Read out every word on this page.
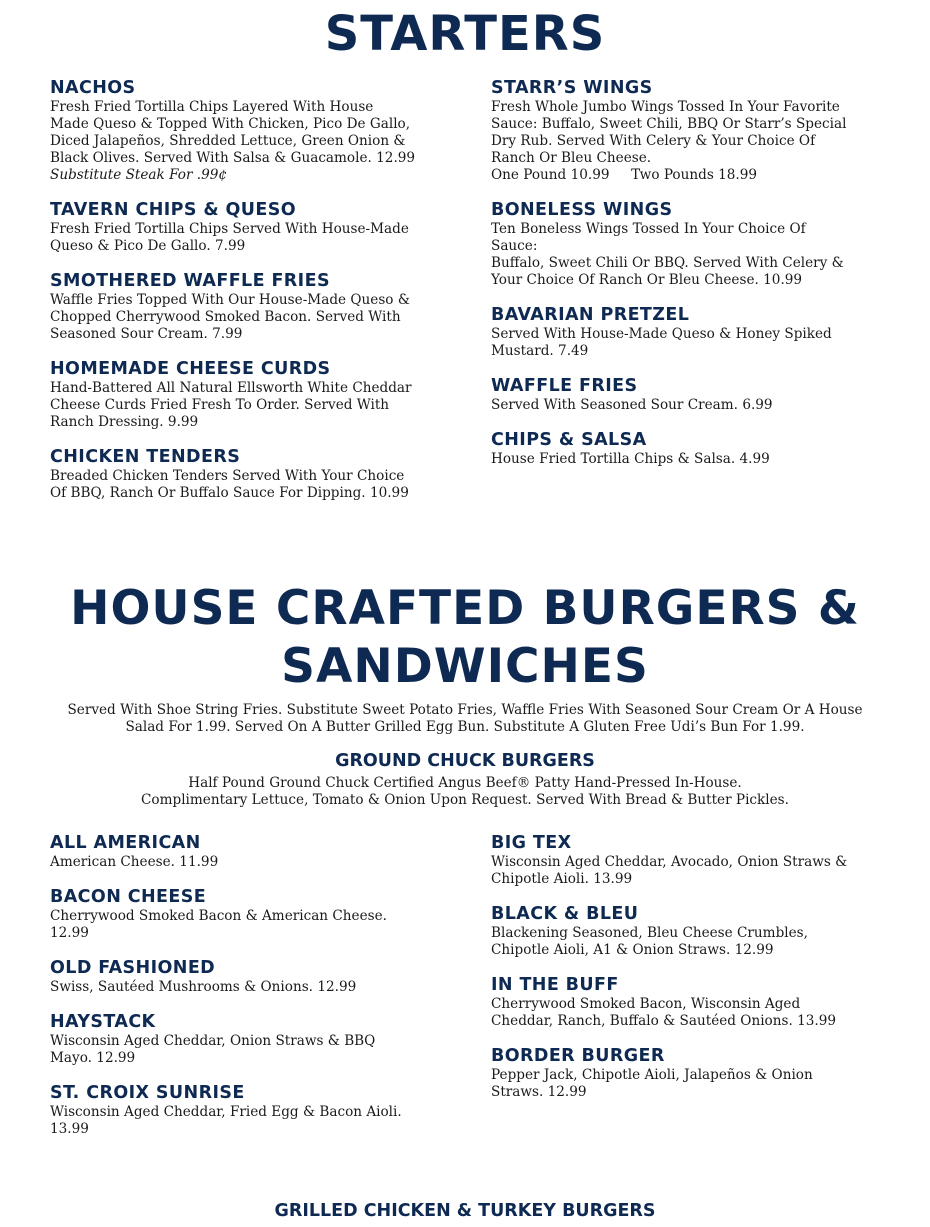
STARTERS
NACHOS

Fresh Fried Tortilla Chips Layered With House
Made Queso & Topped With Chicken, Pico De Gallo,
Diced Jalapeños, Shredded Lettuce, Green Onion &
Black Olives. Served With Salsa & Guacamole. 12.99
Substitute Steak For .99¢

TAVERN CHIPS & QUESO

Fresh Fried Tortilla Chips Served With House-Made
Queso & Pico De Gallo. 7.99

SMOTHERED WAFFLE FRIES

Waffle Fries Topped With Our House-Made Queso &
Chopped Cherrywood Smoked Bacon. Served With
Seasoned Sour Cream. 7.99

HOMEMADE CHEESE CURDS

Hand-Battered All Natural Ellsworth White Cheddar
Cheese Curds Fried Fresh To Order. Served With
Ranch Dressing. 9.99

CHICKEN TENDERS

Breaded Chicken Tenders Served With Your Choice
Of BBQ, Ranch Or Buffalo Sauce For Dipping. 10.99

STARR’S WINGS

Fresh Whole Jumbo Wings Tossed In Your Favorite
Sauce: Buffalo, Sweet Chili, BBQ Or Starr’s Special
Dry Rub. Served With Celery & Your Choice Of
Ranch Or Bleu Cheese.
One Pound 10.99     Two Pounds 18.99

BONELESS WINGS

Ten Boneless Wings Tossed In Your Choice Of
Sauce:
Buffalo, Sweet Chili Or BBQ. Served With Celery &
Your Choice Of Ranch Or Bleu Cheese. 10.99

BAVARIAN PRETZEL

Served With House-Made Queso & Honey Spiked
Mustard. 7.49

WAFFLE FRIES

Served With Seasoned Sour Cream. 6.99

CHIPS & SALSA

House Fried Tortilla Chips & Salsa. 4.99

HOUSE CRAFTED BURGERS &
SANDWICHES
Served With Shoe String Fries. Substitute Sweet Potato Fries, Waffle Fries With Seasoned Sour Cream Or A House
Salad For 1.99. Served On A Butter Grilled Egg Bun. Substitute A Gluten Free Udi’s Bun For 1.99.
GROUND CHUCK BURGERS
Half Pound Ground Chuck Certified Angus Beef® Patty Hand-Pressed In-House.
Complimentary Lettuce, Tomato & Onion Upon Request. Served With Bread & Butter Pickles.
ALL AMERICAN

American Cheese. 11.99

BACON CHEESE

Cherrywood Smoked Bacon & American Cheese.
12.99

OLD FASHIONED

Swiss, Sautéed Mushrooms & Onions. 12.99

HAYSTACK

Wisconsin Aged Cheddar, Onion Straws & BBQ
Mayo. 12.99

ST. CROIX SUNRISE

Wisconsin Aged Cheddar, Fried Egg & Bacon Aioli.
13.99

BIG TEX

Wisconsin Aged Cheddar, Avocado, Onion Straws &
Chipotle Aioli. 13.99

BLACK & BLEU

Blackening Seasoned, Bleu Cheese Crumbles,
Chipotle Aioli, A1 & Onion Straws. 12.99

IN THE BUFF

Cherrywood Smoked Bacon, Wisconsin Aged
Cheddar, Ranch, Buffalo & Sautéed Onions. 13.99

BORDER BURGER

Pepper Jack, Chipotle Aioli, Jalapeños & Onion
Straws. 12.99

GRILLED CHICKEN & TURKEY BURGERS
